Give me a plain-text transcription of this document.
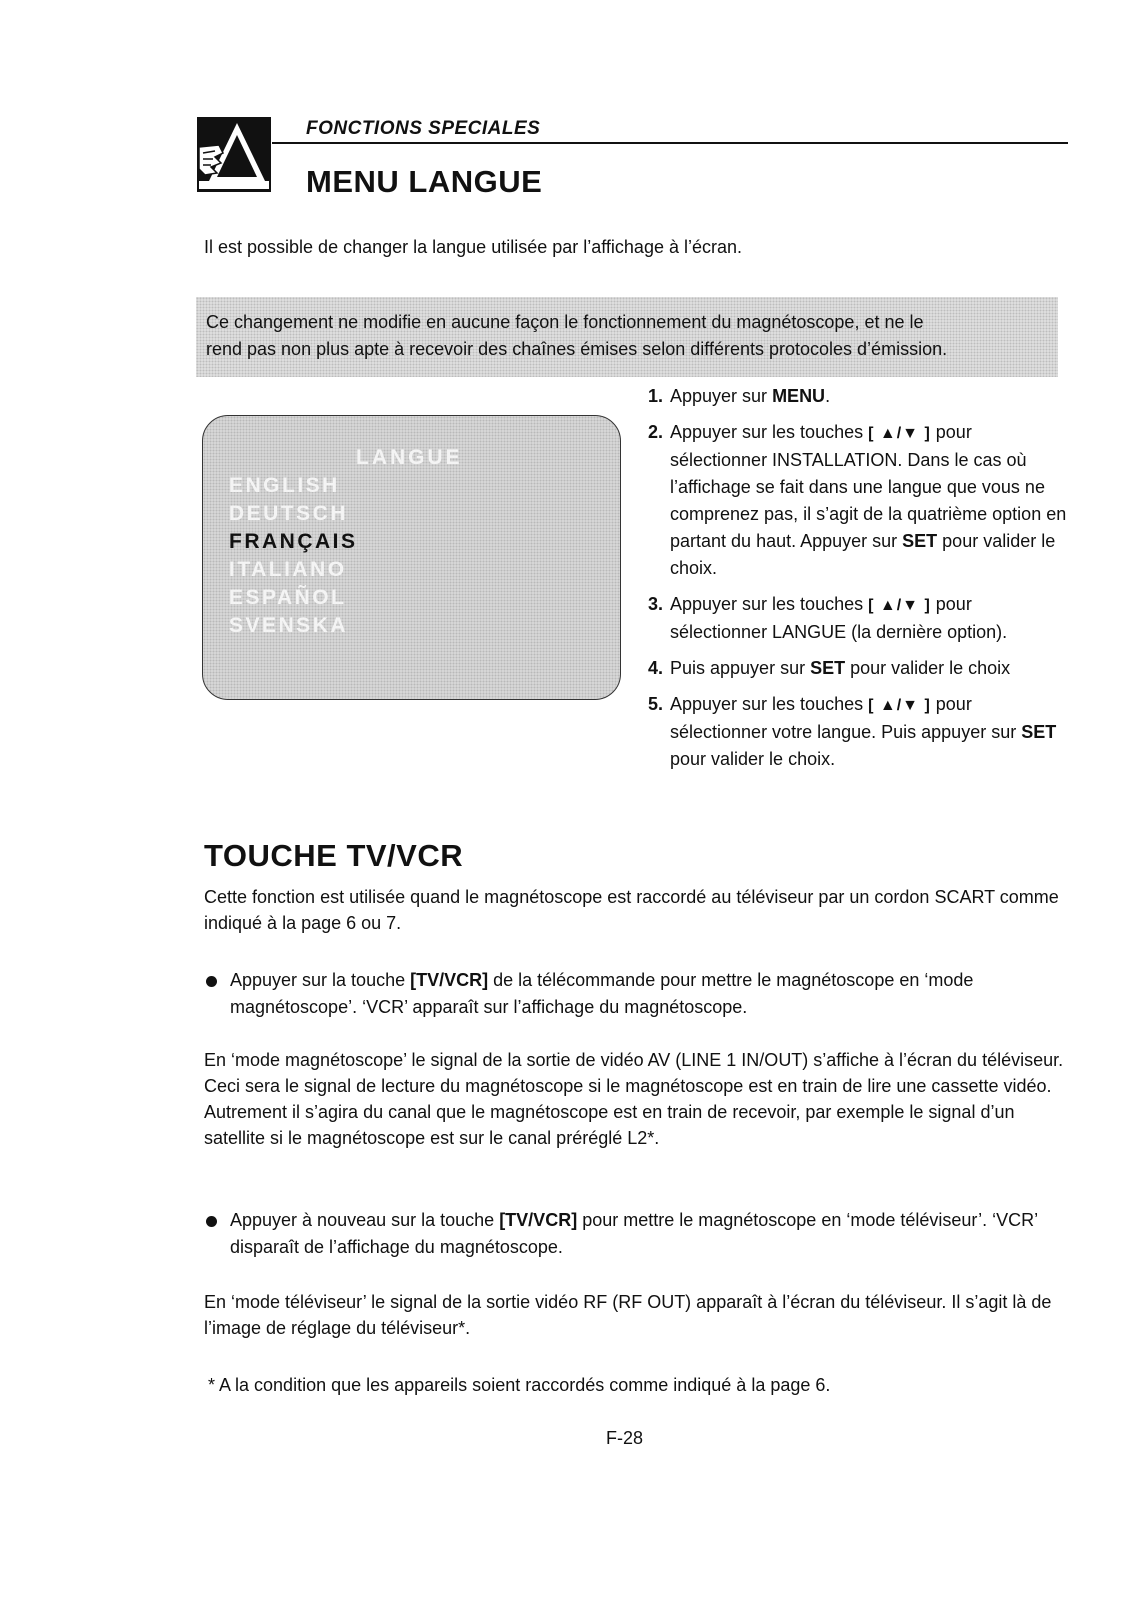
FONCTIONS SPECIALES
MENU LANGUE
Il est possible de changer la langue utilisée par l’affichage à l’écran.

Ce changement ne modifie en aucune façon le fonctionnement du magnétoscope, et ne le

rend pas non plus apte à recevoir des chaînes émises selon différents protocoles d’émission.

LANGUE
ENGLISH
DEUTSCH
FRANÇAIS
ITALIANO
ESPAÑOL
SVENSKA
1. Appuyer sur MENU.
2. Appuyer sur les touches [ ▲/▼ ] pour sélectionner INSTALLATION. Dans le cas où l’affichage se fait dans une langue que vous ne comprenez pas, il s’agit de la quatrième option en partant du haut. Appuyer sur SET pour valider le choix.
3. Appuyer sur les touches [ ▲/▼ ] pour sélectionner LANGUE (la dernière option).
4. Puis appuyer sur SET pour valider le choix
5. Appuyer sur les touches [ ▲/▼ ] pour sélectionner votre langue. Puis appuyer sur SET pour valider le choix.
TOUCHE TV/VCR

Cette fonction est utilisée quand le magnétoscope est raccordé au téléviseur par un cordon SCART comme indiqué à la page 6 ou 7.

Appuyer sur la touche [TV/VCR] de la télécommande pour mettre le magnétoscope en ‘mode magnétoscope’. ‘VCR’ apparaît sur l’affichage du magnétoscope.

En ‘mode magnétoscope’ le signal de la sortie de vidéo AV (LINE 1 IN/OUT) s’affiche à l’écran du téléviseur. Ceci sera le signal de lecture du magnétoscope si le magnétoscope est en train de lire une cassette vidéo. Autrement il s’agira du canal que le magnétoscope est en train de recevoir, par exemple le signal d’un satellite si le magnétoscope est sur le canal préréglé L2*.

Appuyer à nouveau sur la touche [TV/VCR] pour mettre le magnétoscope en ‘mode téléviseur’. ‘VCR’ disparaît de l’affichage du magnétoscope.

En ‘mode téléviseur’ le signal de la sortie vidéo RF (RF OUT) apparaît à l’écran du téléviseur. Il s’agit là de l’image de réglage du téléviseur*.

* A la condition que les appareils soient raccordés comme indiqué à la page 6.
F-28
